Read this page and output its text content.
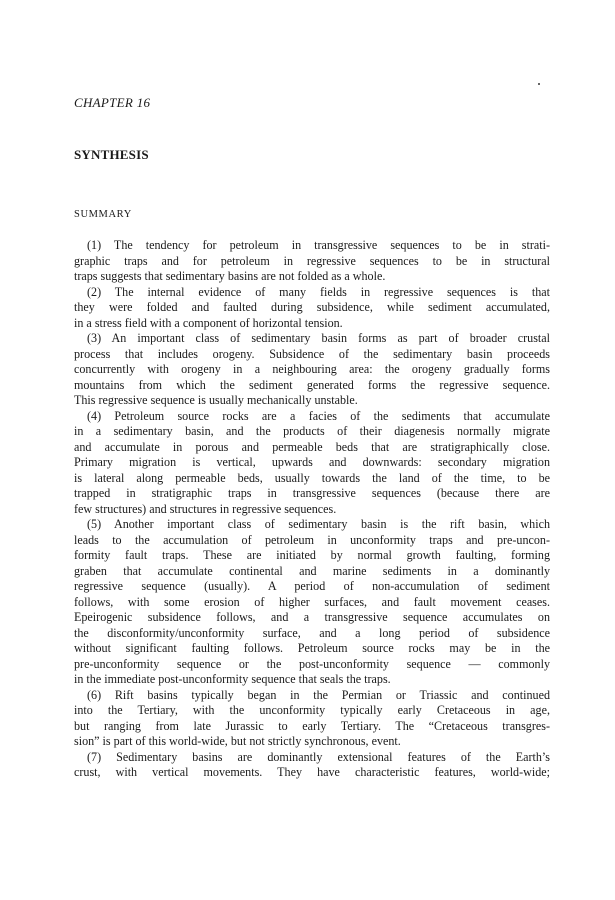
CHAPTER 16
SYNTHESIS
SUMMARY
(1) The tendency for petroleum in transgressive sequences to be in strati-
graphic traps and for petroleum in regressive sequences to be in structural
traps suggests that sedimentary basins are not folded as a whole.
(2) The internal evidence of many fields in regressive sequences is that
they were folded and faulted during subsidence, while sediment accumulated,
in a stress field with a component of horizontal tension.
(3) An important class of sedimentary basin forms as part of broader crustal
process that includes orogeny. Subsidence of the sedimentary basin proceeds
concurrently with orogeny in a neighbouring area: the orogeny gradually forms
mountains from which the sediment generated forms the regressive sequence.
This regressive sequence is usually mechanically unstable.
(4) Petroleum source rocks are a facies of the sediments that accumulate
in a sedimentary basin, and the products of their diagenesis normally migrate
and accumulate in porous and permeable beds that are stratigraphically close.
Primary migration is vertical, upwards and downwards: secondary migration
is lateral along permeable beds, usually towards the land of the time, to be
trapped in stratigraphic traps in transgressive sequences (because there are
few structures) and structures in regressive sequences.
(5) Another important class of sedimentary basin is the rift basin, which
leads to the accumulation of petroleum in unconformity traps and pre-uncon-
formity fault traps. These are initiated by normal growth faulting, forming
graben that accumulate continental and marine sediments in a dominantly
regressive sequence (usually). A period of non-accumulation of sediment
follows, with some erosion of higher surfaces, and fault movement ceases.
Epeirogenic subsidence follows, and a transgressive sequence accumulates on
the disconformity/unconformity surface, and a long period of subsidence
without significant faulting follows. Petroleum source rocks may be in the
pre-unconformity sequence or the post-unconformity sequence — commonly
in the immediate post-unconformity sequence that seals the traps.
(6) Rift basins typically began in the Permian or Triassic and continued
into the Tertiary, with the unconformity typically early Cretaceous in age,
but ranging from late Jurassic to early Tertiary. The “Cretaceous transgres-
sion” is part of this world-wide, but not strictly synchronous, event.
(7) Sedimentary basins are dominantly extensional features of the Earth’s
crust, with vertical movements. They have characteristic features, world-wide;
